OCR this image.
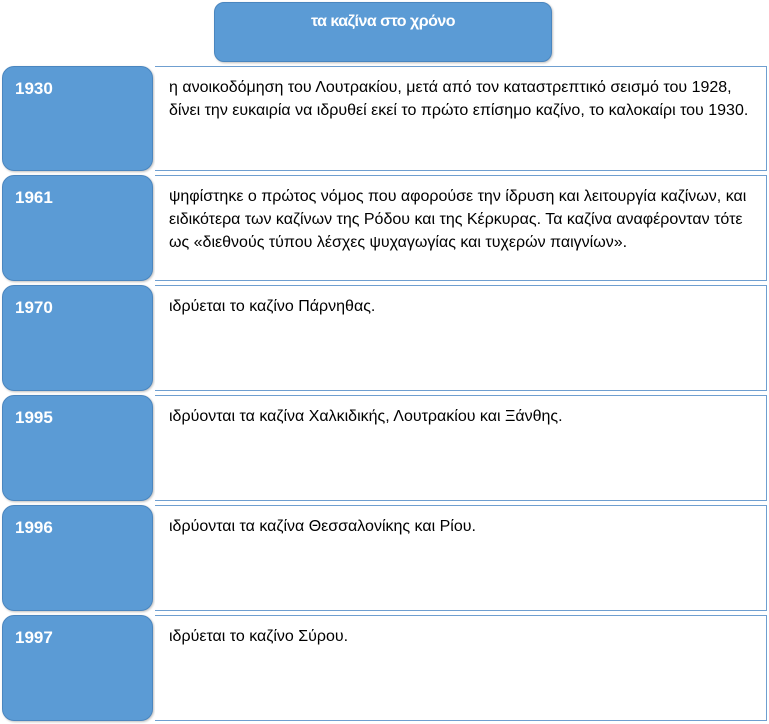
τα καζίνα στο χρόνο
1930	η ανοικοδόμηση του Λουτρακίου, μετά από τον καταστρεπτικό σεισμό του 1928, δίνει την ευκαιρία να ιδρυθεί εκεί το πρώτο επίσημο καζίνο, το καλοκαίρι του 1930.
1961	ψηφίστηκε ο πρώτος νόμος που αφορούσε την ίδρυση και λειτουργία καζίνων, και ειδικότερα των καζίνων της Ρόδου και της Κέρκυρας. Τα καζίνα αναφέρονταν τότε ως «διεθνούς τύπου λέσχες ψυχαγωγίας και τυχερών παιγνίων».
1970	ιδρύεται το καζίνο Πάρνηθας.
1995	ιδρύονται τα καζίνα Χαλκιδικής, Λουτρακίου και Ξάνθης.
1996	ιδρύονται τα καζίνα Θεσσαλονίκης και Ρίου.
1997	ιδρύεται το καζίνο Σύρου.
